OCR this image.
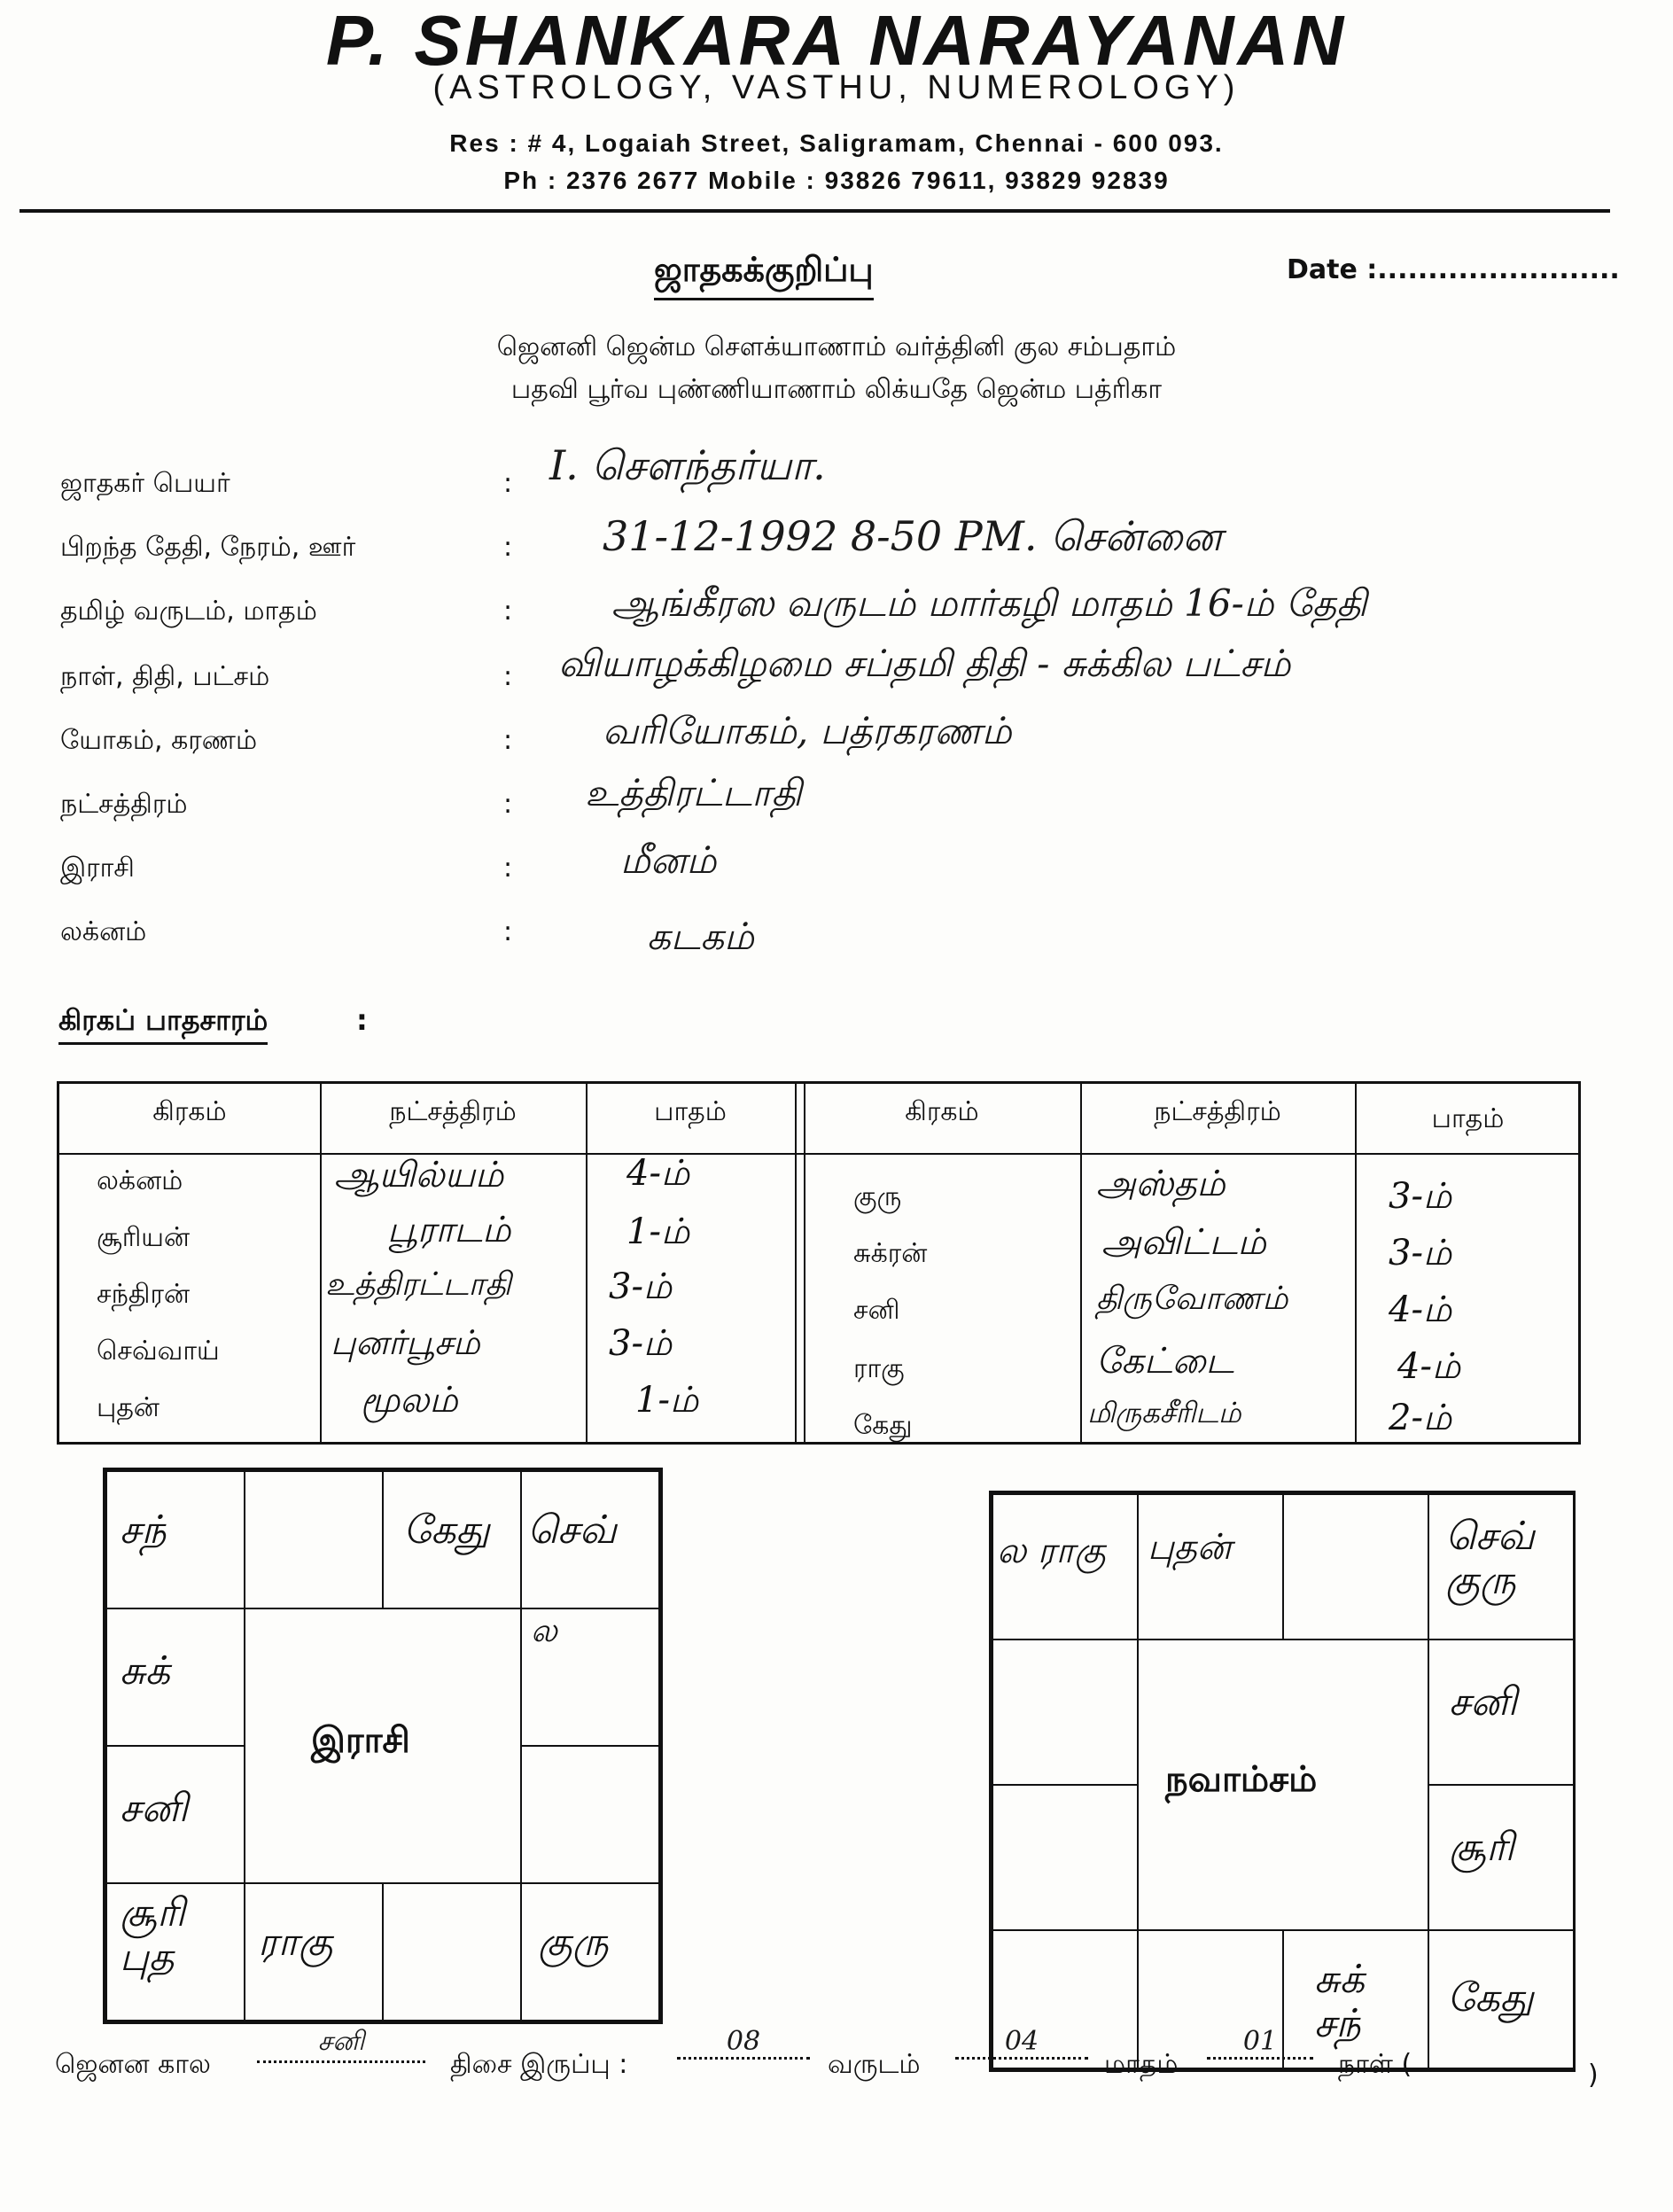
P. SHANKARA NARAYANAN
(ASTROLOGY, VASTHU, NUMEROLOGY)
Res : # 4, Logaiah Street, Saligramam, Chennai - 600 093.
Ph : 2376 2677 Mobile : 93826 79611, 93829 92839
ஜாதகக்குறிப்பு	Date :........................
ஜெனனி ஜென்ம சௌக்யாணாம் வர்த்தினி குல சம்பதாம்
பதவி பூர்வ புண்ணியாணாம் லிக்யதே ஜென்ம பத்ரிகா
ஜாதகர் பெயர்	: I. சௌந்தர்யா.
பிறந்த தேதி, நேரம், ஊர்	: 31-12-1992 8-50 PM. சென்னை
தமிழ் வருடம், மாதம்	:	ஆங்கீரஸ வருடம் மார்கழி மாதம் 16-ம் தேதி
நாள், திதி, பட்சம்	: வியாழக்கிழமை சப்தமி திதி - சுக்கில பட்சம்
யோகம், கரணம்	: வரியோகம், பத்ரகரணம்
நட்சத்திரம்	: உத்திரட்டாதி
இராசி	:	மீனம்
லக்னம்	:	கடகம்
கிரகப் பாதசாரம்	:
கிரகம்	நட்சத்திரம்	பாதம்	கிரகம்	நட்சத்திரம்	பாதம்
லக்னம்	ஆயில்யம்	4-ம்
சூரியன்	பூராடம்	1-ம்
சந்திரன்	உத்திரட்டாதி	3-ம்
செவ்வாய்	புனர்பூசம்	3-ம்
புதன்	மூலம்	1-ம்
குரு	அஸ்தம்	3-ம்
சுக்ரன்	அவிட்டம்	3-ம்
சனி	திருவோணம்	4-ம்
ராகு	கேட்டை	4-ம்
கேது	மிருகசீரிடம்	2-ம்
சந்	கேது செவ்
சுக்
ல
சனி
சூரி
புத ராகு	குரு
இராசி
ல ராகு புதன்	செவ்
குரு
சனி
சூரி
சுக்
சந்
கேது
நவாம்சம்
ஜெனன கால
சனி
திசை இருப்பு :
08
வருடம்
04
மாதம்
01
நாள் (	)
